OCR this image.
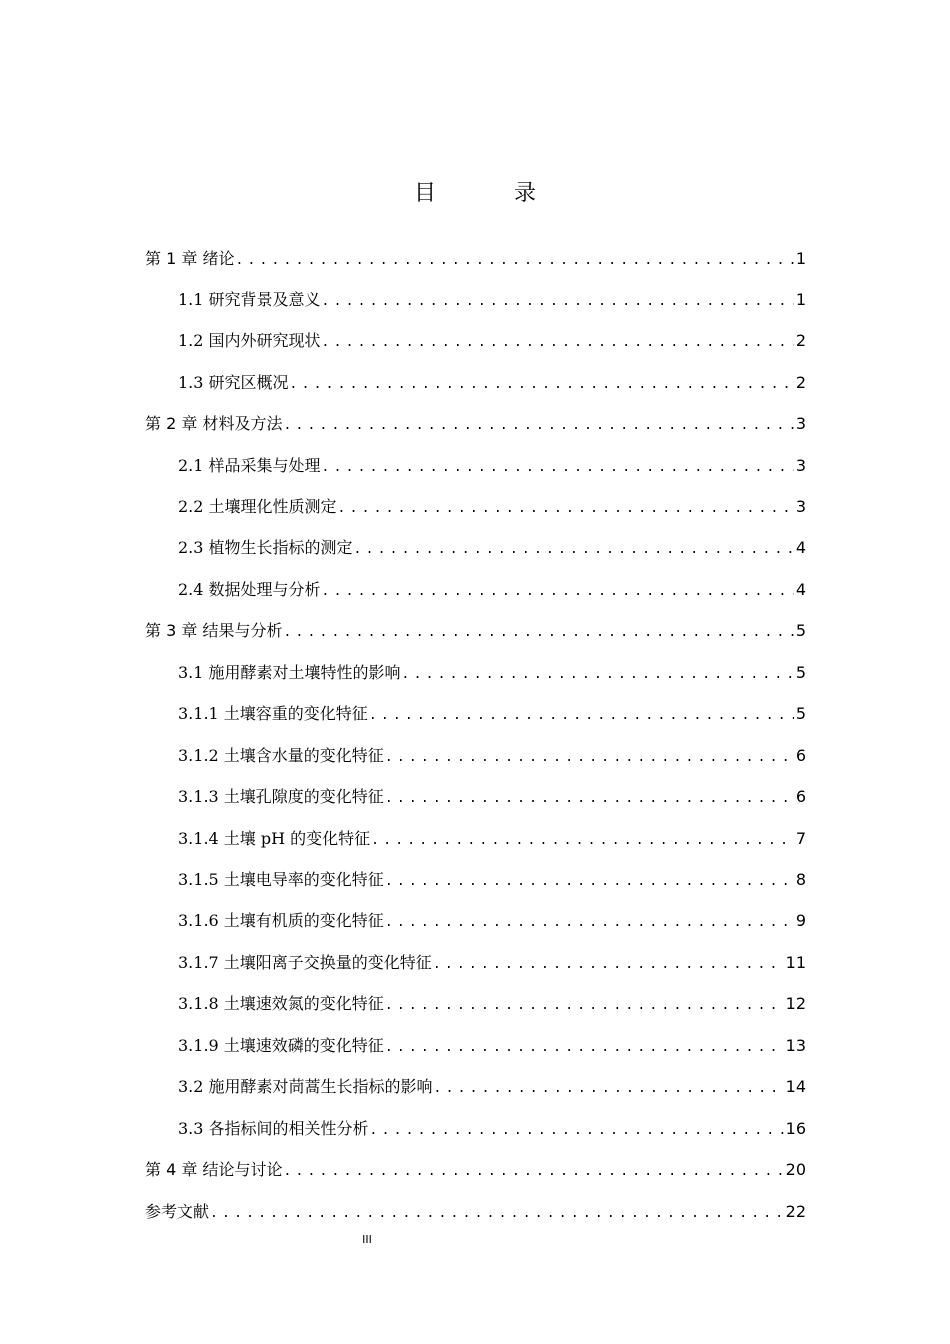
目　录
第 1 章 绪论 .....	1
1.1 研究背景及意义 .....	1
1.2 国内外研究现状 .....	2
1.3 研究区概况 .....	2
第 2 章 材料及方法 .....	3
2.1 样品采集与处理 .....	3
2.2 土壤理化性质测定 .....	3
2.3 植物生长指标的测定 .....	4
2.4 数据处理与分析 .....	4
第 3 章 结果与分析 .....	5
3.1 施用酵素对土壤特性的影响 .....	5
3.1.1 土壤容重的变化特征 .....	5
3.1.2 土壤含水量的变化特征 .....	6
3.1.3 土壤孔隙度的变化特征 .....	6
3.1.4 土壤 pH 的变化特征 .....	7
3.1.5 土壤电导率的变化特征 .....	8
3.1.6 土壤有机质的变化特征 .....	9
3.1.7 土壤阳离子交换量的变化特征 .....	11
3.1.8 土壤速效氮的变化特征 .....	12
3.1.9 土壤速效磷的变化特征 .....	13
3.2 施用酵素对茼蒿生长指标的影响 .....	14
3.3 各指标间的相关性分析 .....	16
第 4 章 结论与讨论 .....	20
参考文献 .....	22
III
